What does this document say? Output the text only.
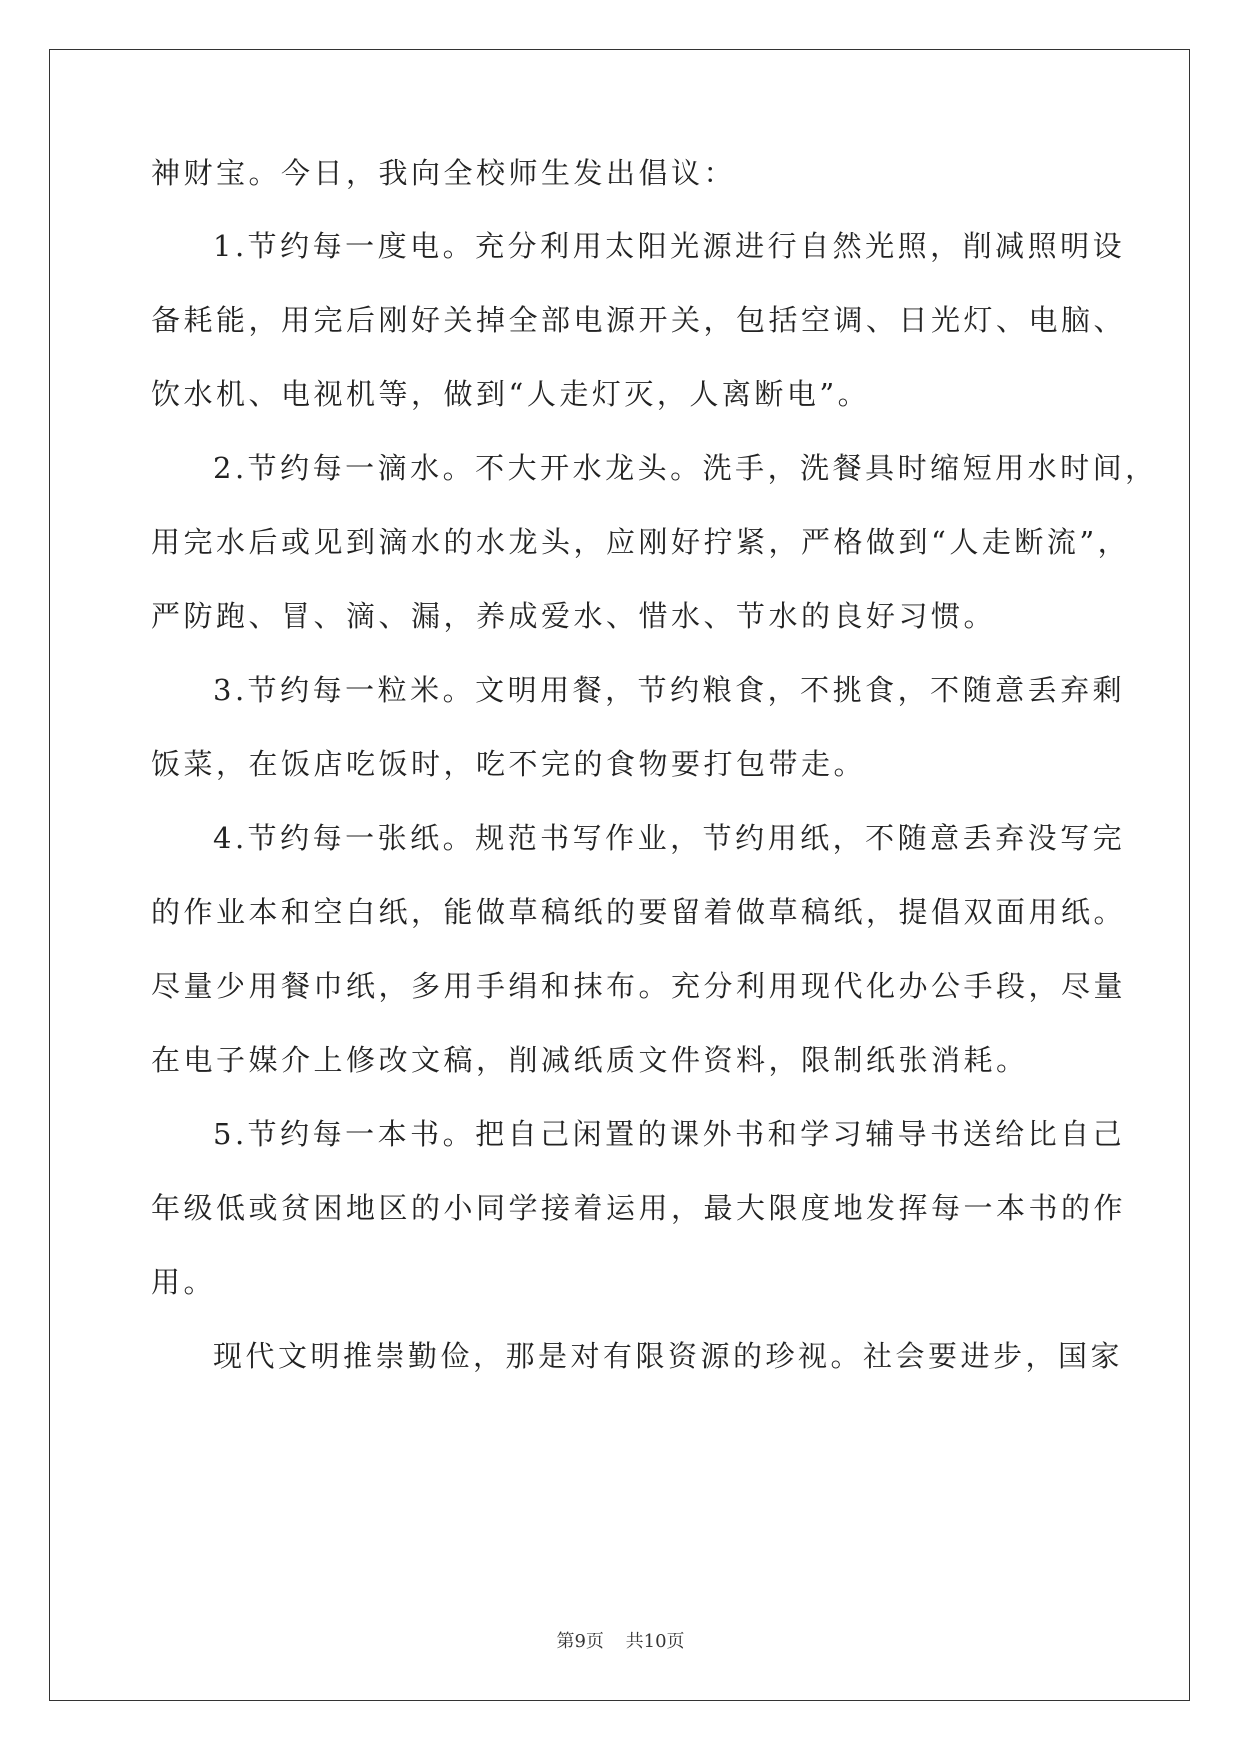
神财宝。今日，我向全校师生发出倡议：
1.节约每一度电。充分利用太阳光源进行自然光照，削减照明设
备耗能，用完后刚好关掉全部电源开关，包括空调、日光灯、电脑、
饮水机、电视机等，做到“人走灯灭，人离断电”。
2.节约每一滴水。不大开水龙头。洗手，洗餐具时缩短用水时间，
用完水后或见到滴水的水龙头，应刚好拧紧，严格做到“人走断流”，
严防跑、冒、滴、漏，养成爱水、惜水、节水的良好习惯。
3.节约每一粒米。文明用餐，节约粮食，不挑食，不随意丢弃剩
饭菜，在饭店吃饭时，吃不完的食物要打包带走。
4.节约每一张纸。规范书写作业，节约用纸，不随意丢弃没写完
的作业本和空白纸，能做草稿纸的要留着做草稿纸，提倡双面用纸。
尽量少用餐巾纸，多用手绢和抹布。充分利用现代化办公手段，尽量
在电子媒介上修改文稿，削减纸质文件资料，限制纸张消耗。
5.节约每一本书。把自己闲置的课外书和学习辅导书送给比自己
年级低或贫困地区的小同学接着运用，最大限度地发挥每一本书的作
用。
现代文明推崇勤俭，那是对有限资源的珍视。社会要进步，国家
第9页 共10页
